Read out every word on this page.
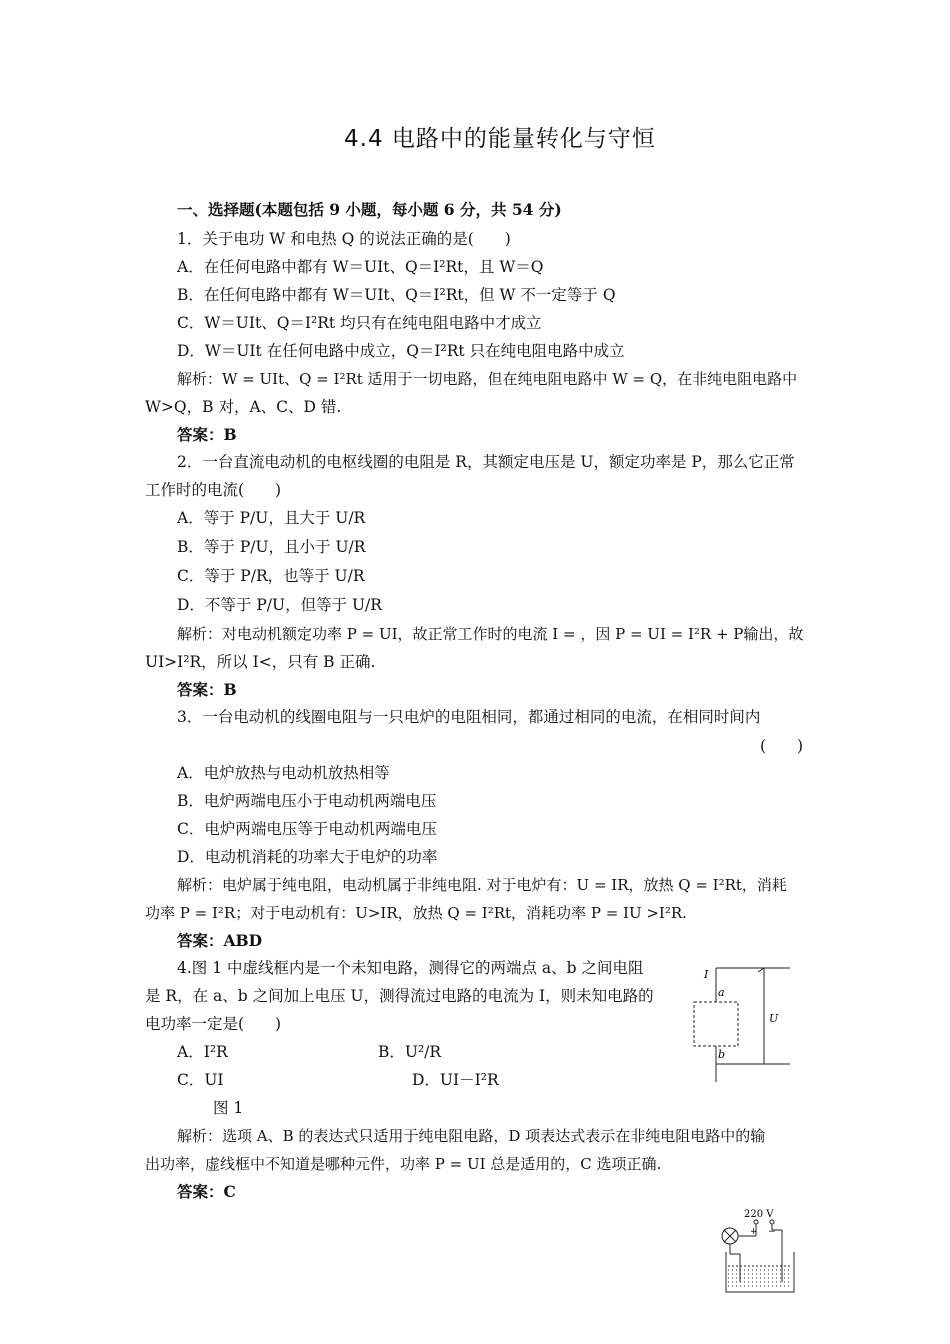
4.4 电路中的能量转化与守恒
一、选择题(本题包括 9 小题，每小题 6 分，共 54 分)
1．关于电功 W 和电热 Q 的说法正确的是(　　)
A．在任何电路中都有 W＝UIt、Q＝I²Rt，且 W＝Q
B．在任何电路中都有 W＝UIt、Q＝I²Rt，但 W 不一定等于 Q
C．W＝UIt、Q＝I²Rt 均只有在纯电阻电路中才成立
D．W＝UIt 在任何电路中成立，Q＝I²Rt 只在纯电阻电路中成立
解析：W = UIt、Q = I²Rt 适用于一切电路，但在纯电阻电路中 W = Q，在非纯电阻电路中
W>Q，B 对，A、C、D 错.
答案：B
2．一台直流电动机的电枢线圈的电阻是 R，其额定电压是 U，额定功率是 P，那么它正常
工作时的电流(　　)
A．等于 P/U，且大于 U/R
B．等于 P/U，且小于 U/R
C．等于 P/R，也等于 U/R
D．不等于 P/U，但等于 U/R
解析：对电动机额定功率 P = UI，故正常工作时的电流 I = ，因 P = UI = I²R + P输出，故
UI>I²R，所以 I<，只有 B 正确.
答案：B
3．一台电动机的线圈电阻与一只电炉的电阻相同，都通过相同的电流，在相同时间内
(　　)
A．电炉放热与电动机放热相等
B．电炉两端电压小于电动机两端电压
C．电炉两端电压等于电动机两端电压
D．电动机消耗的功率大于电炉的功率
解析：电炉属于纯电阻，电动机属于非纯电阻. 对于电炉有：U = IR，放热 Q = I²Rt，消耗
功率 P = I²R；对于电动机有：U>IR，放热 Q = I²Rt，消耗功率 P = IU >I²R.
答案：ABD
4.图 1 中虚线框内是一个未知电路，测得它的两端点 a、b 之间电阻
是 R，在 a、b 之间加上电压 U，测得流过电路的电流为 I，则未知电路的
电功率一定是(　　)
A．I²R	B．U²/R
C．UI	D．UI－I²R
图 1
解析：选项 A、B 的表达式只适用于纯电阻电路，D 项表达式表示在非纯电阻电路中的输
出功率，虚线框中不知道是哪种元件，功率 P = UI 总是适用的，C 选项正确.
答案：C
I
a
b
U
220 V
+ −
